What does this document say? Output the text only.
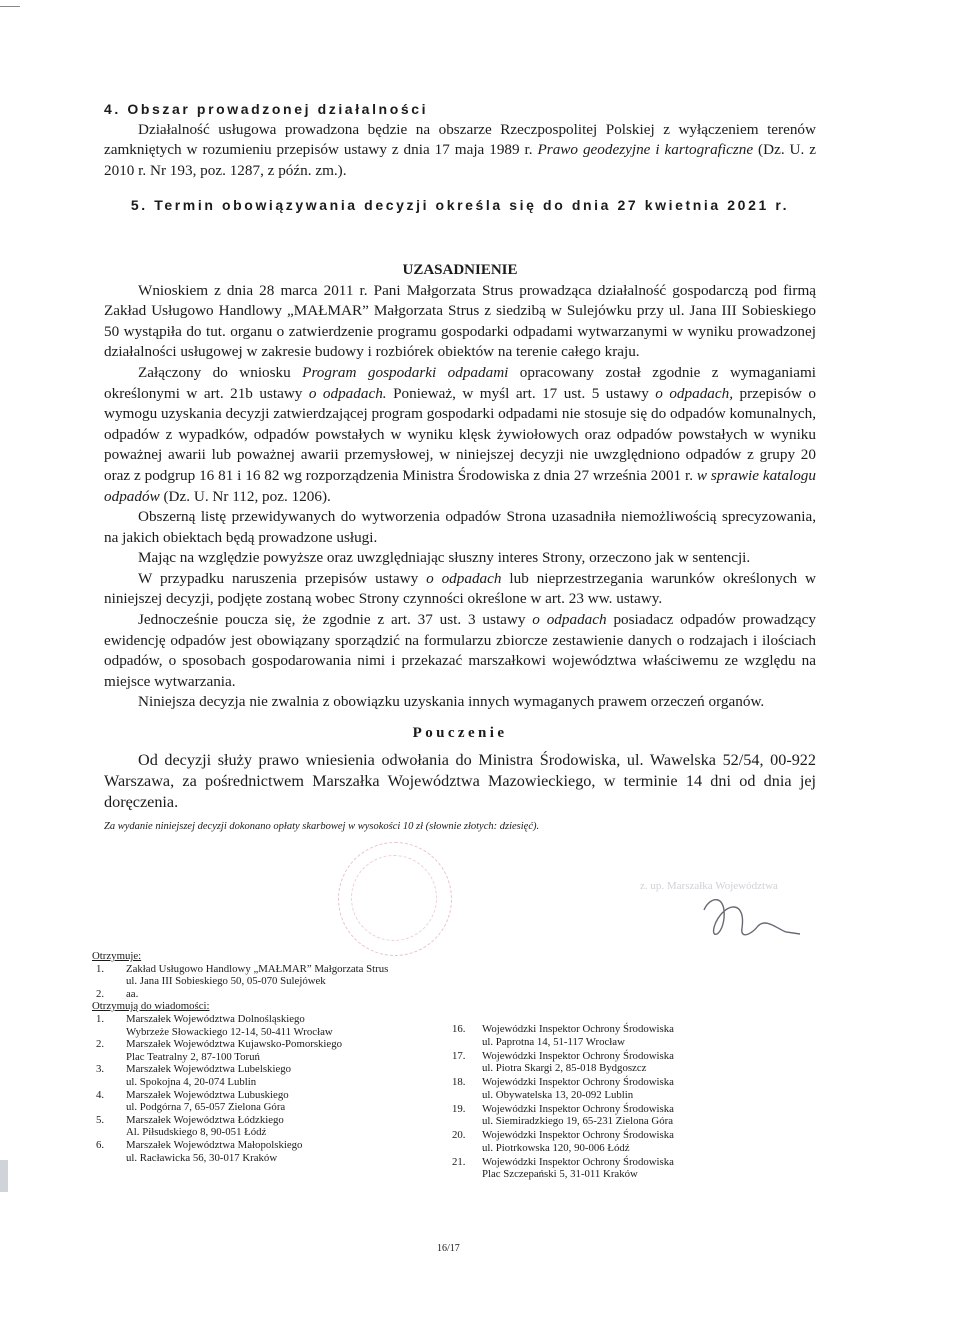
4. Obszar prowadzonej działalności

Działalność usługowa prowadzona będzie na obszarze Rzeczpospolitej Polskiej z wyłączeniem terenów zamkniętych w rozumieniu przepisów ustawy z dnia 17 maja 1989 r. Prawo geodezyjne i kartograficzne (Dz. U. z 2010 r. Nr 193, poz. 1287, z późn. zm.).

5. Termin obowiązywania decyzji określa się do dnia 27 kwietnia 2021 r.

UZASADNIENIE

Wnioskiem z dnia 28 marca 2011 r. Pani Małgorzata Strus prowadząca działalność gospodarczą pod firmą Zakład Usługowo Handlowy „MAŁMAR” Małgorzata Strus z siedzibą w Sulejówku przy ul. Jana III Sobieskiego 50 wystąpiła do tut. organu o zatwierdzenie programu gospodarki odpadami wytwarzanymi w wyniku prowadzonej działalności usługowej w zakresie budowy i rozbiórek obiektów na terenie całego kraju.

Załączony do wniosku Program gospodarki odpadami opracowany został zgodnie z wymaganiami określonymi w art. 21b ustawy o odpadach. Ponieważ, w myśl art. 17 ust. 5 ustawy o odpadach, przepisów o wymogu uzyskania decyzji zatwierdzającej program gospodarki odpadami nie stosuje się do odpadów komunalnych, odpadów z wypadków, odpadów powstałych w wyniku klęsk żywiołowych oraz odpadów powstałych w wyniku poważnej awarii lub poważnej awarii przemysłowej, w niniejszej decyzji nie uwzględniono odpadów z grupy 20 oraz z podgrup 16 81 i 16 82 wg rozporządzenia Ministra Środowiska z dnia 27 września 2001 r. w sprawie katalogu odpadów (Dz. U. Nr 112, poz. 1206).

Obszerną listę przewidywanych do wytworzenia odpadów Strona uzasadniła niemożliwością sprecyzowania, na jakich obiektach będą prowadzone usługi.

Mając na względzie powyższe oraz uwzględniając słuszny interes Strony, orzeczono jak w sentencji.

W przypadku naruszenia przepisów ustawy o odpadach lub nieprzestrzegania warunków określonych w niniejszej decyzji, podjęte zostaną wobec Strony czynności określone w art. 23 ww. ustawy.

Jednocześnie poucza się, że zgodnie z art. 37 ust. 3 ustawy o odpadach posiadacz odpadów prowadzący ewidencję odpadów jest obowiązany sporządzić na formularzu zbiorcze zestawienie danych o rodzajach i ilościach odpadów, o sposobach gospodarowania nimi i przekazać marszałkowi województwa właściwemu ze względu na miejsce wytwarzania.

Niniejsza decyzja nie zwalnia z obowiązku uzyskania innych wymaganych prawem orzeczeń organów.

Pouczenie

Od decyzji służy prawo wniesienia odwołania do Ministra Środowiska, ul. Wawelska 52/54, 00-922 Warszawa, za pośrednictwem Marszałka Województwa Mazowieckiego, w terminie 14 dni od dnia jej doręczenia.

Za wydanie niniejszej decyzji dokonano opłaty skarbowej w wysokości 10 zł (słownie złotych: dziesięć).

z. up. Marszałka Województwa
Otrzymuje:
1.	Zakład Usługowo Handlowy „MAŁMAR” Małgorzata Strus
ul. Jana III Sobieskiego 50, 05-070 Sulejówek
2.	aa.
Otrzymują do wiadomości:
1.	Marszałek Województwa Dolnośląskiego
Wybrzeże Słowackiego 12-14, 50-411 Wrocław
2.	Marszałek Województwa Kujawsko-Pomorskiego
Plac Teatralny 2, 87-100 Toruń
3.	Marszałek Województwa Lubelskiego
ul. Spokojna 4, 20-074 Lublin
4.	Marszałek Województwa Lubuskiego
ul. Podgórna 7, 65-057 Zielona Góra
5.	Marszałek Województwa Łódzkiego
Al. Piłsudskiego 8, 90-051 Łódź
6.	Marszałek Województwa Małopolskiego
ul. Racławicka 56, 30-017 Kraków
16.	Wojewódzki Inspektor Ochrony Środowiska
ul. Paprotna 14, 51-117 Wrocław
17.	Wojewódzki Inspektor Ochrony Środowiska
ul. Piotra Skargi 2, 85-018 Bydgoszcz
18.	Wojewódzki Inspektor Ochrony Środowiska
ul. Obywatelska 13, 20-092 Lublin
19.	Wojewódzki Inspektor Ochrony Środowiska
ul. Siemiradzkiego 19, 65-231 Zielona Góra
20.	Wojewódzki Inspektor Ochrony Środowiska
ul. Piotrkowska 120, 90-006 Łódź
21.	Wojewódzki Inspektor Ochrony Środowiska
Plac Szczepański 5, 31-011 Kraków
16/17
